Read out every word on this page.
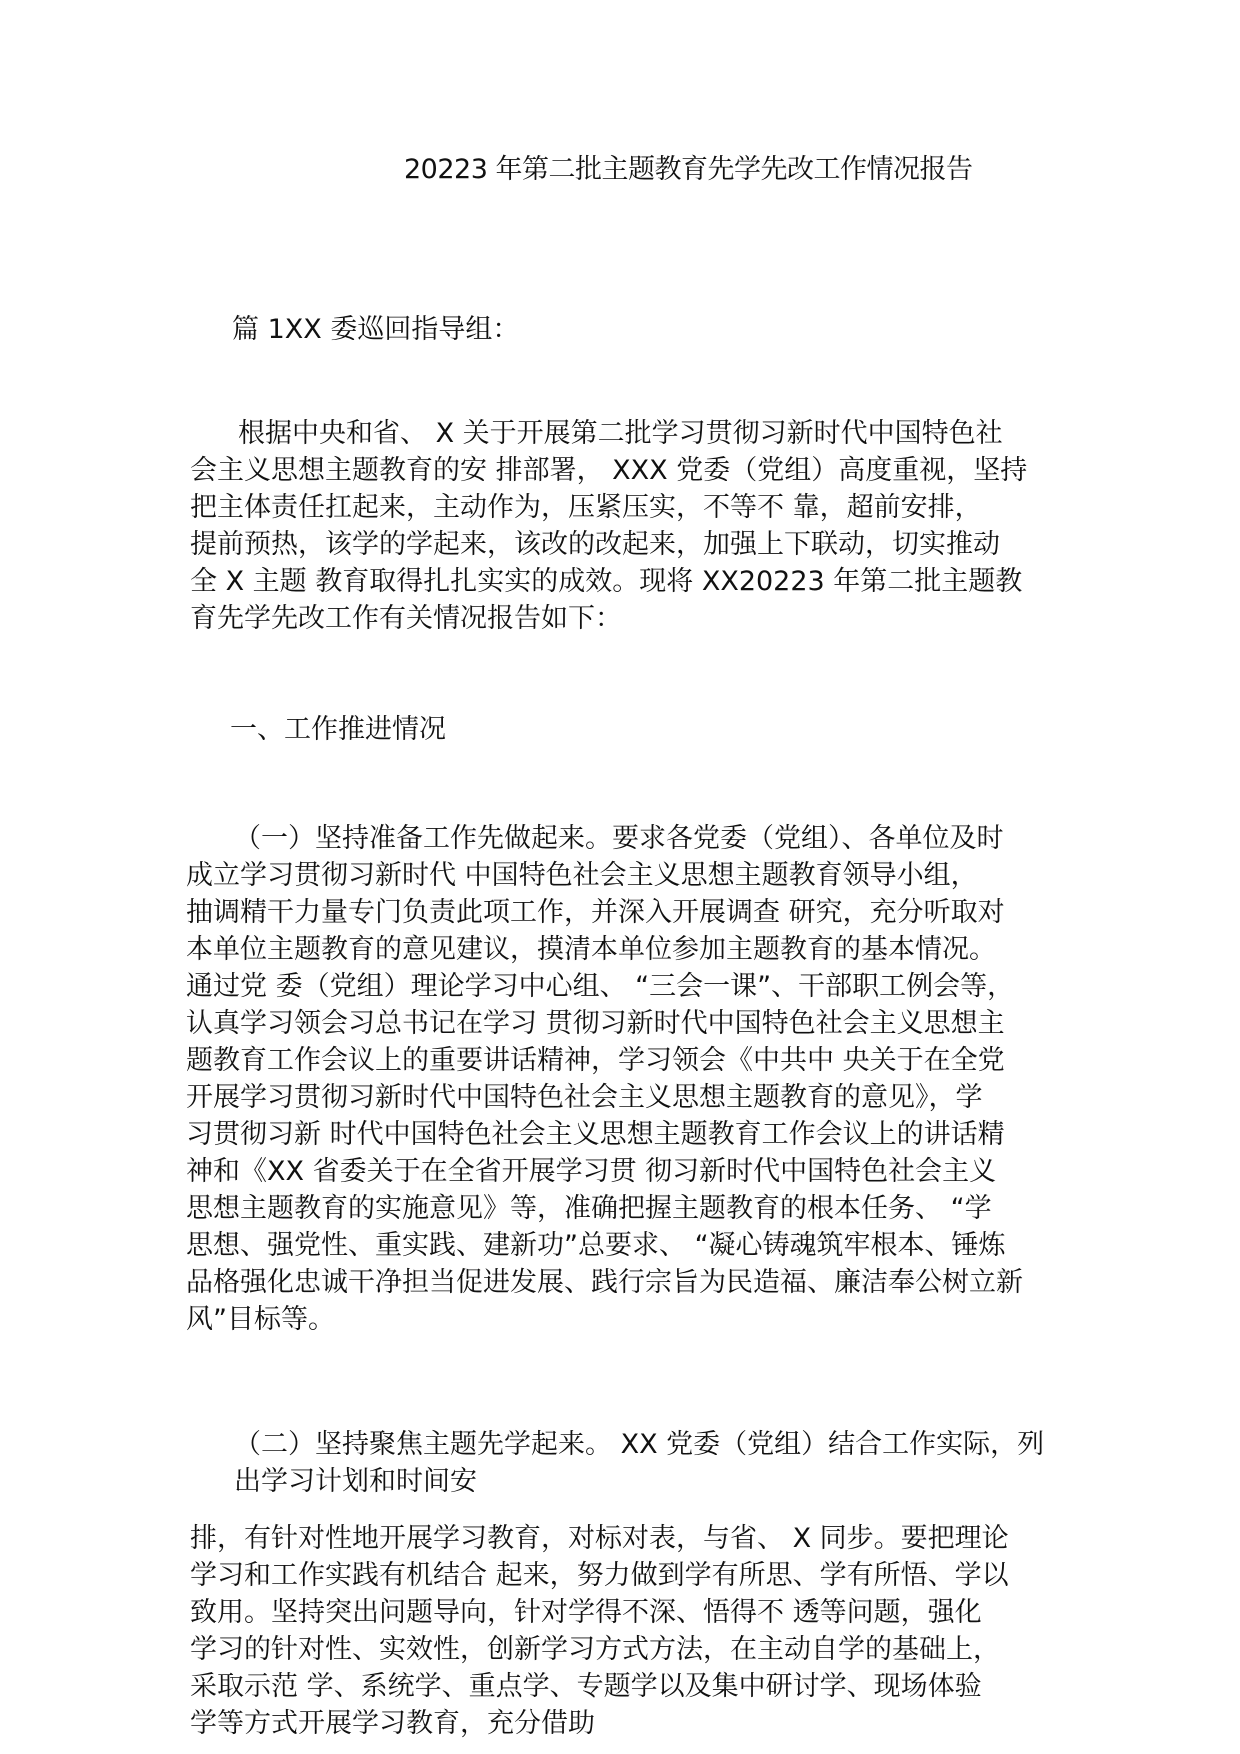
20223 年第二批主题教育先学先改工作情况报告
篇 1XX 委巡回指导组：
根据中央和省、 X 关于开展第二批学习贯彻习新时代中国特色社
会主义思想主题教育的安 排部署， XXX 党委（党组）高度重视，坚持
把主体责任扛起来，主动作为，压紧压实，不等不 靠，超前安排，
提前预热，该学的学起来，该改的改起来，加强上下联动，切实推动
全 X 主题 教育取得扎扎实实的成效。现将 XX20223 年第二批主题教
育先学先改工作有关情况报告如下：
一、工作推进情况
（一）坚持准备工作先做起来。要求各党委（党组）、各单位及时
成立学习贯彻习新时代 中国特色社会主义思想主题教育领导小组，
抽调精干力量专门负责此项工作，并深入开展调查 研究，充分听取对
本单位主题教育的意见建议，摸清本单位参加主题教育的基本情况。
通过党 委（党组）理论学习中心组、 “三会一课”、干部职工例会等，
认真学习领会习总书记在学习 贯彻习新时代中国特色社会主义思想主
题教育工作会议上的重要讲话精神，学习领会《中共中 央关于在全党
开展学习贯彻习新时代中国特色社会主义思想主题教育的意见》，学
习贯彻习新 时代中国特色社会主义思想主题教育工作会议上的讲话精
神和《XX 省委关于在全省开展学习贯 彻习新时代中国特色社会主义
思想主题教育的实施意见》等，准确把握主题教育的根本任务、 “学
思想、强党性、重实践、建新功”总要求、 “凝心铸魂筑牢根本、锤炼
品格强化忠诚干净担当促进发展、践行宗旨为民造福、廉洁奉公树立新
风”目标等。
（二）坚持聚焦主题先学起来。 XX 党委（党组）结合工作实际，列
出学习计划和时间安
排，有针对性地开展学习教育，对标对表，与省、 X 同步。要把理论
学习和工作实践有机结合 起来，努力做到学有所思、学有所悟、学以
致用。坚持突出问题导向，针对学得不深、悟得不 透等问题，强化
学习的针对性、实效性，创新学习方式方法，在主动自学的基础上，
采取示范 学、系统学、重点学、专题学以及集中研讨学、现场体验
学等方式开展学习教育，充分借助
